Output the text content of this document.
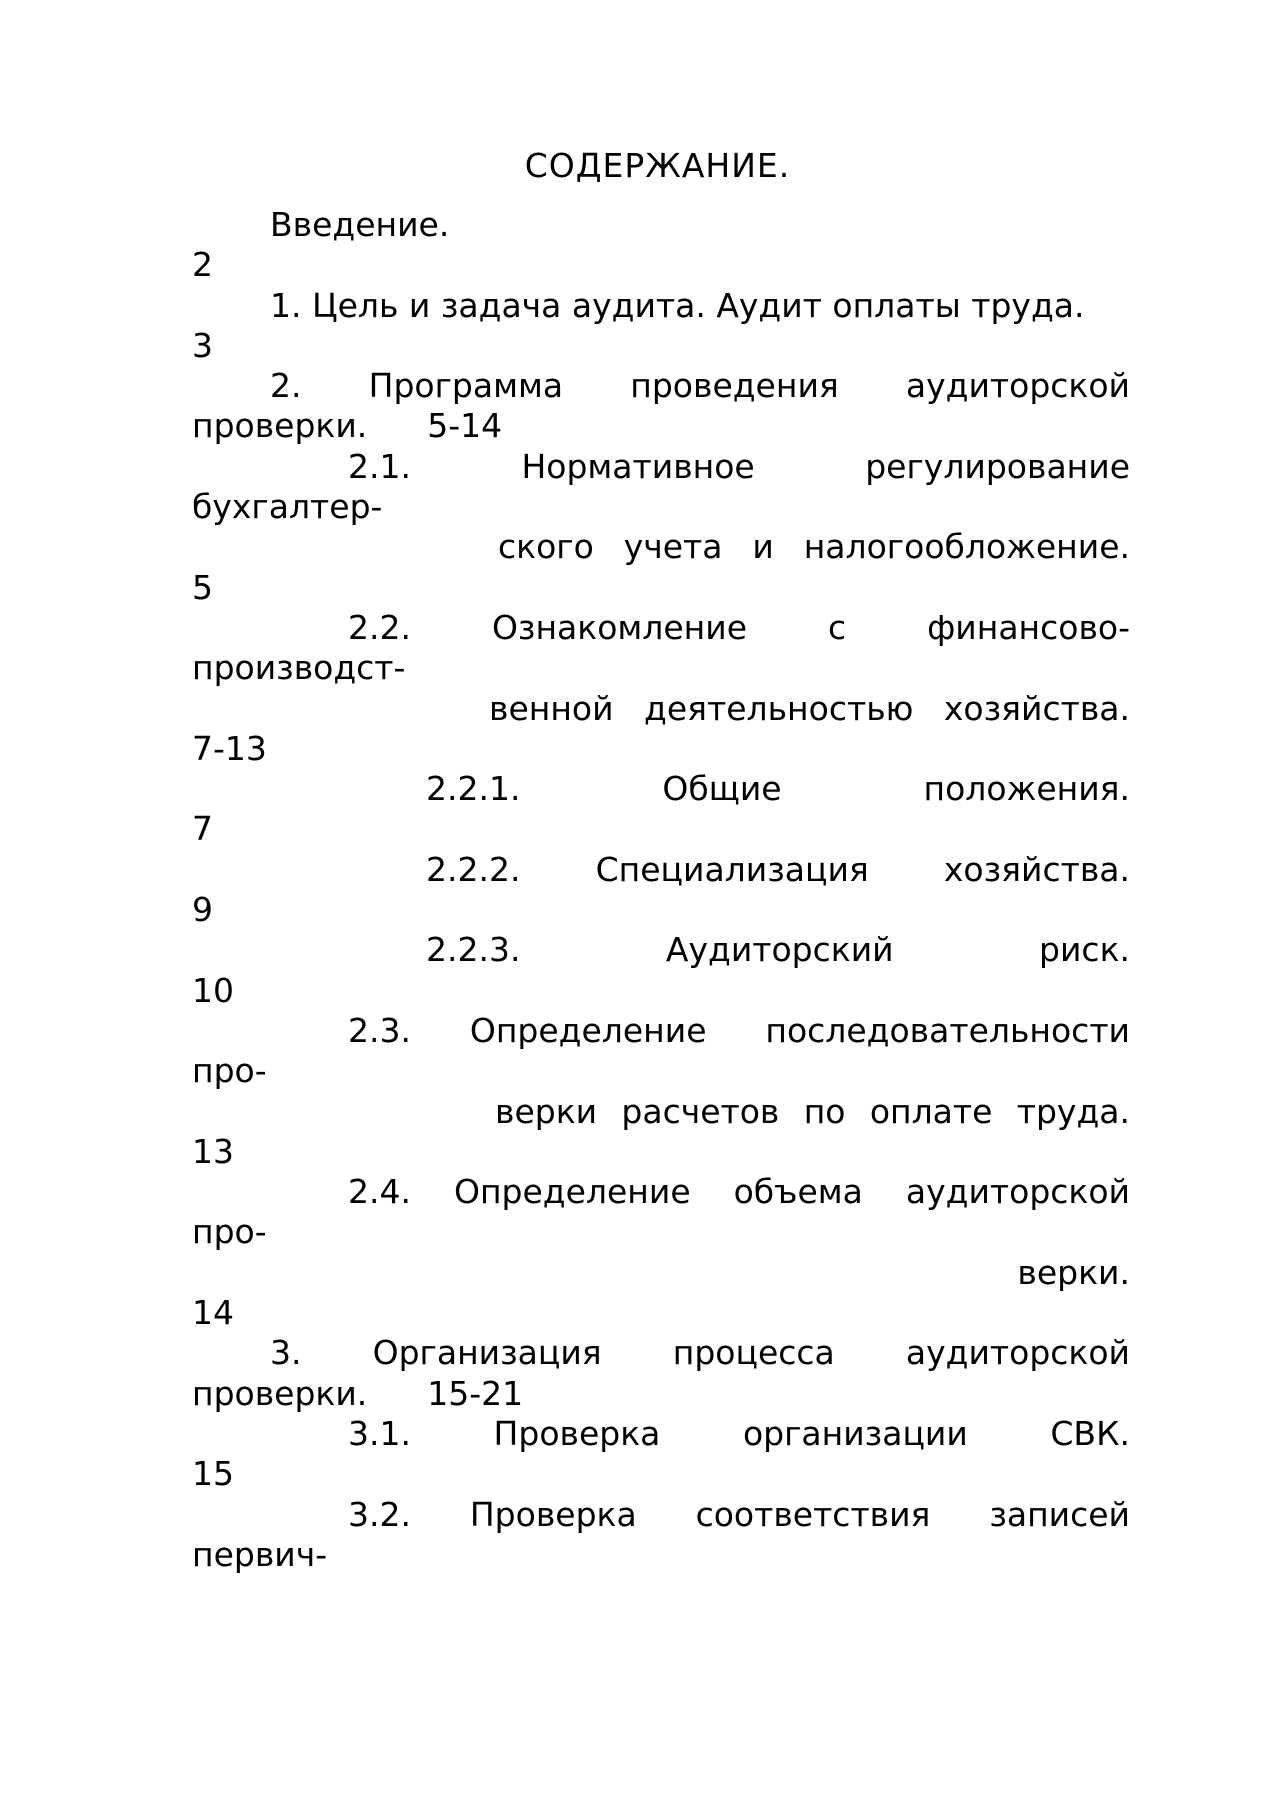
СОДЕРЖАНИЕ.
Введение.
2
1. Цель и задача аудита. Аудит оплаты труда.
3
2. Программа проведения аудиторской
проверки. 5-14
2.1. Нормативное регулирование
бухгалтер-
ского учета и налогообложение.
5
2.2. Ознакомление с финансово-
производст-
венной деятельностью хозяйства.
7-13
2.2.1. Общие положения.
7
2.2.2. Специализация хозяйства.
9
2.2.3. Аудиторский риск.
10
2.3. Определение последовательности
про-
верки расчетов по оплате труда.
13
2.4. Определение объема аудиторской
про-
верки.
14
3. Организация процесса аудиторской
проверки. 15-21
3.1. Проверка организации СВК.
15
3.2. Проверка соответствия записей
первич-
